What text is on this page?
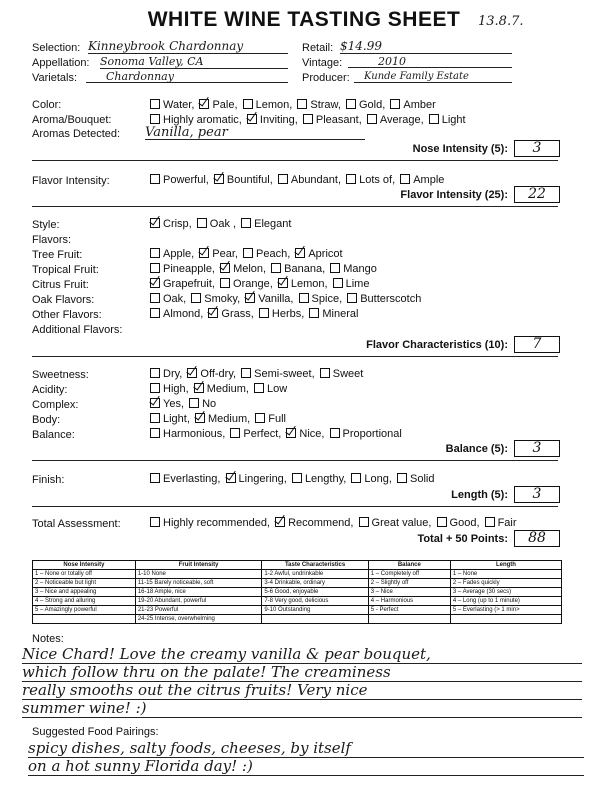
WHITE WINE TASTING SHEET	13.8.7.
Selection: Kinneybrook Chardonnay
Appellation: Sonoma Valley, CA
Varietals:	Chardonnay
Retail: $14.99
Vintage:	2010
Producer:	Kunde Family Estate
Color:	Water, Pale, Lemon, Straw, Gold, Amber
Aroma/Bouquet:	Highly aromatic, Inviting, Pleasant, Average, Light
Aromas Detected: Vanilla, pear
Nose Intensity (5):	3
Flavor Intensity:	Powerful, Bountiful, Abundant, Lots of, Ample
Flavor Intensity (25):	22
Style:	Crisp, Oak , Elegant
Flavors:
Tree Fruit:	Apple, Pear, Peach, Apricot
Tropical Fruit:	Pineapple, Melon, Banana, Mango
Citrus Fruit:	Grapefruit, Orange, Lemon, Lime
Oak Flavors:	Oak, Smoky, Vanilla, Spice, Butterscotch
Other Flavors:	Almond, Grass, Herbs, Mineral
Additional Flavors:
Flavor Characteristics (10):	7
Sweetness:	Dry, Off-dry, Semi-sweet, Sweet
Acidity:	High, Medium, Low
Complex:	Yes, No
Body:	Light, Medium, Full
Balance:	Harmonious, Perfect, Nice, Proportional
Balance (5):	3
Finish:	Everlasting, Lingering, Lengthy, Long, Solid
Length (5):	3
Total Assessment:	Highly recommended, Recommend, Great value, Good, Fair
Total + 50 Points:	88
Nose Intensity	Fruit Intensity	Taste Characteristics	Balance	Length
1 – None or totally off	1-10 None	1-2 Awful, undrinkable	1 – Completely off	1 – None
2 – Noticeable but light	11-15 Barely noticeable, soft	3-4 Drinkable, ordinary	2 – Slightly off	2 – Fades quickly
3 – Nice and appealing	16-18 Ample, nice	5-6 Good, enjoyable	3 – Nice	3 – Average (30 secs)
4 – Strong and alluring	19-20 Abundant, powerful	7-8 Very good, delicious	4 – Harmonious	4 – Long (up to 1 minute)
5 – Amazingly powerful	21-23 Powerful	9-10 Outstanding	5 - Perfect	5 – Everlasting (> 1 min>
	24-25 Intense, overwhelming			
Notes:
Nice Chard! Love the creamy vanilla & pear bouquet,
which follow thru on the palate! The creaminess
really smooths out the citrus fruits! Very nice
summer wine! :)
Suggested Food Pairings:
spicy dishes, salty foods, cheeses, by itself
on a hot sunny Florida day! :)
